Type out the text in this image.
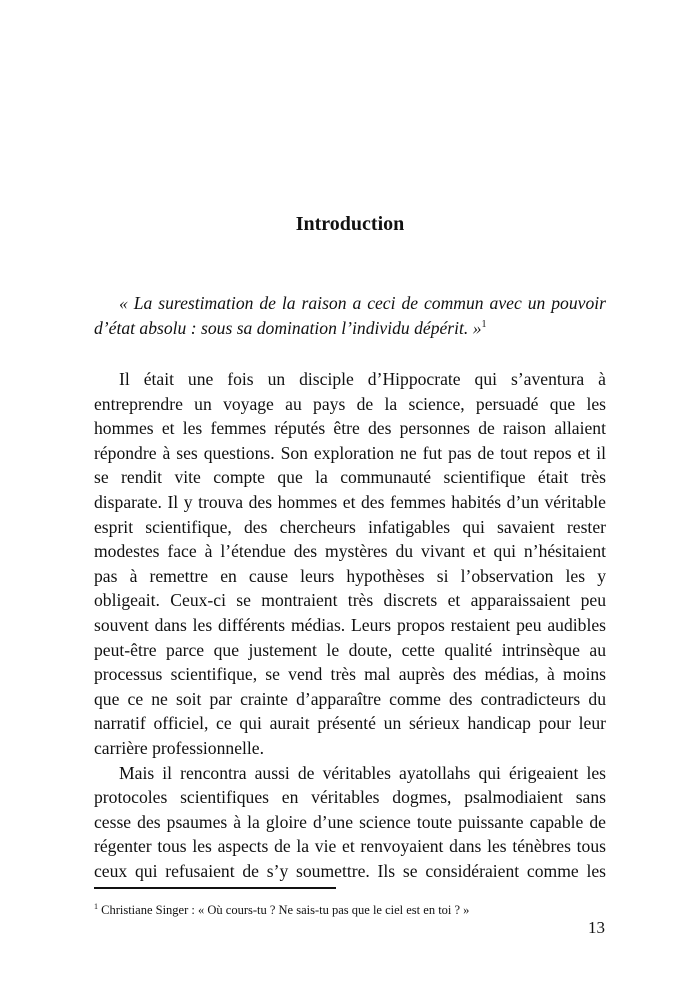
Introduction
« La surestimation de la raison a ceci de commun avec un pouvoir
d’état absolu : sous sa domination l’individu dépérit. »$^1$
Il était une fois un disciple d’Hippocrate qui s’aventura à
entreprendre un voyage au pays de la science, persuadé que les
hommes et les femmes réputés être des personnes de raison allaient
répondre à ses questions. Son exploration ne fut pas de tout repos et il
se rendit vite compte que la communauté scientifique était très
disparate. Il y trouva des hommes et des femmes habités d’un véritable
esprit scientifique, des chercheurs infatigables qui savaient rester
modestes face à l’étendue des mystères du vivant et qui n’hésitaient
pas à remettre en cause leurs hypothèses si l’observation les y
obligeait. Ceux-ci se montraient très discrets et apparaissaient peu
souvent dans les différents médias. Leurs propos restaient peu audibles
peut-être parce que justement le doute, cette qualité intrinsèque au
processus scientifique, se vend très mal auprès des médias, à moins
que ce ne soit par crainte d’apparaître comme des contradicteurs du
narratif officiel, ce qui aurait présenté un sérieux handicap pour leur
carrière professionnelle.
Mais il rencontra aussi de véritables ayatollahs qui érigeaient les
protocoles scientifiques en véritables dogmes, psalmodiaient sans
cesse des psaumes à la gloire d’une science toute puissante capable de
régenter tous les aspects de la vie et renvoyaient dans les ténèbres tous
ceux qui refusaient de s’y soumettre. Ils se considéraient comme les
$^1$ Christiane Singer : « Où cours-tu ? Ne sais-tu pas que le ciel est en toi ? »
13
